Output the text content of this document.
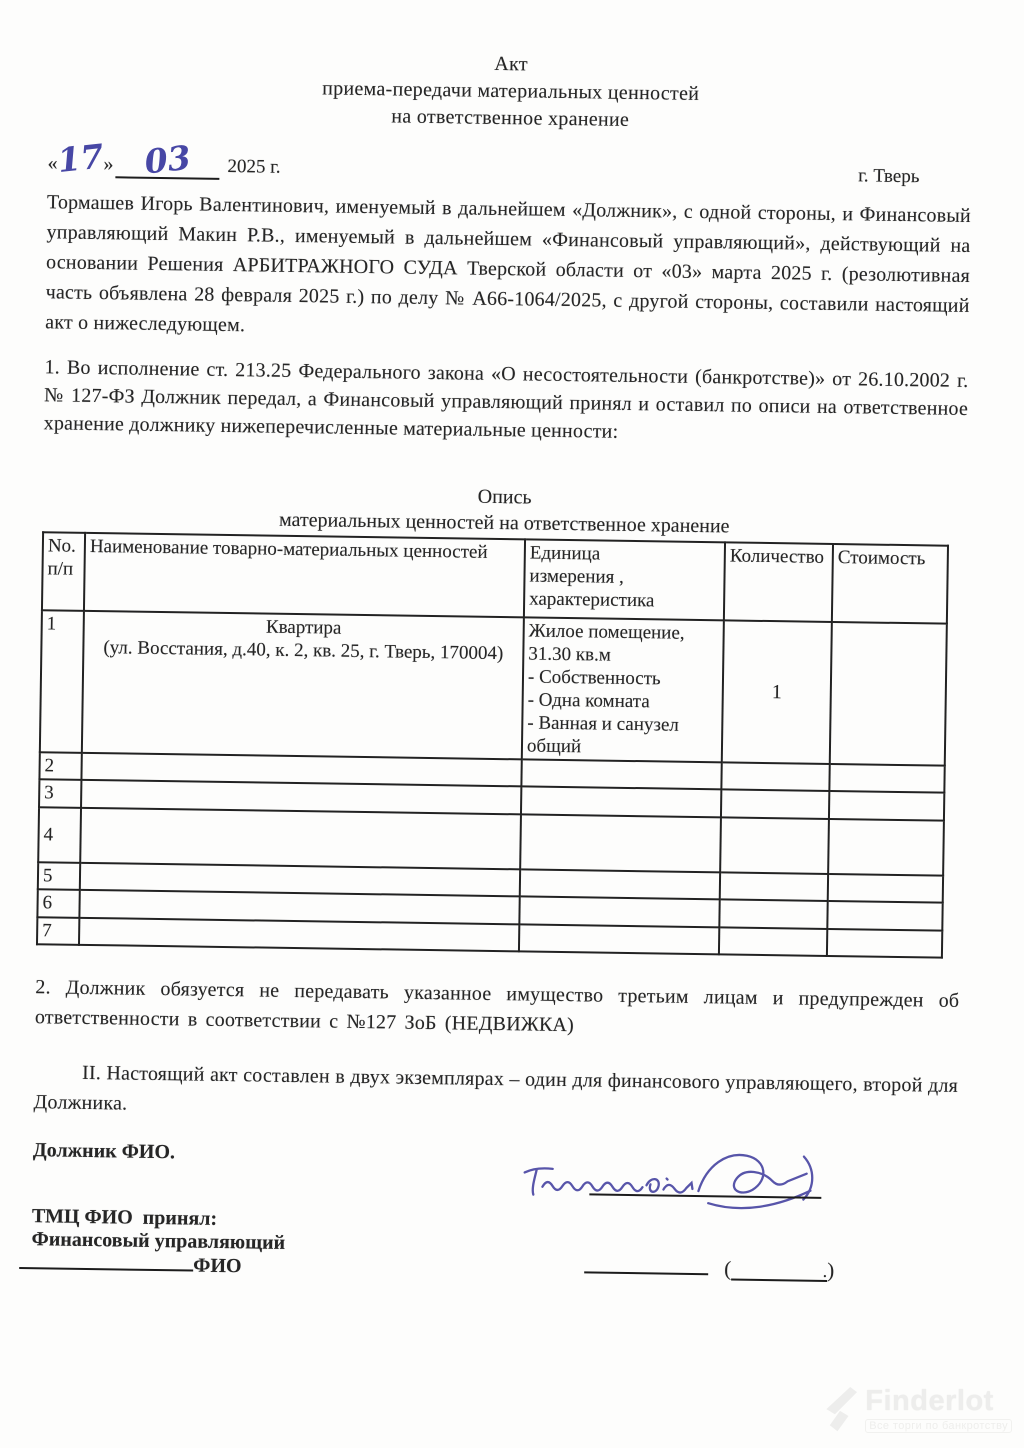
Акт
приема-передачи материальных ценностей
на ответственное хранение
«17» 03 2025 г.	г. Тверь

Тормашев Игорь Валентинович, именуемый в дальнейшем «Должник», с одной стороны, и Финансовый управляющий Макин Р.В., именуемый в дальнейшем «Финансовый управляющий», действующий на основании Решения АРБИТРАЖНОГО СУДА Тверской области от «03» марта 2025 г. (резолютивная часть объявлена 28 февраля 2025 г.) по делу № А66-1064/2025, с другой стороны, составили настоящий акт о нижеследующем.

1. Во исполнение ст. 213.25 Федерального закона «О несостоятельности (банкротстве)» от 26.10.2002 г. № 127-ФЗ Должник передал, а Финансовый управляющий принял и оставил по описи на ответственное хранение должнику нижеперечисленные материальные ценности:

Опись
материальных ценностей на ответственное хранение
No.
п/п	Наименование товарно-материальных ценностей	Единица
измерения ,
характеристика	Количество	Стоимость
1	Квартира
(ул. Восстания, д.40, к. 2, кв. 25, г. Тверь, 170004)	Жилое помещение,
31.30 кв.м
- Собственность
- Одна комната
- Ванная и санузел
общий	1	
2				
3				
4				
5				
6				
7				

2. Должник обязуется не передавать указанное имущество третьим лицам и предупрежден об ответственности в соответствии с №127 ЗоБ (НЕДВИЖКА)

II. Настоящий акт составлен в двух экземплярах – один для финансового управляющего, второй для Должника.

Должник ФИО.
ТМЦ ФИО  принял:
Финансовый управляющий
ФИО	(	. )
Finderlot
Все торги по банкротству
